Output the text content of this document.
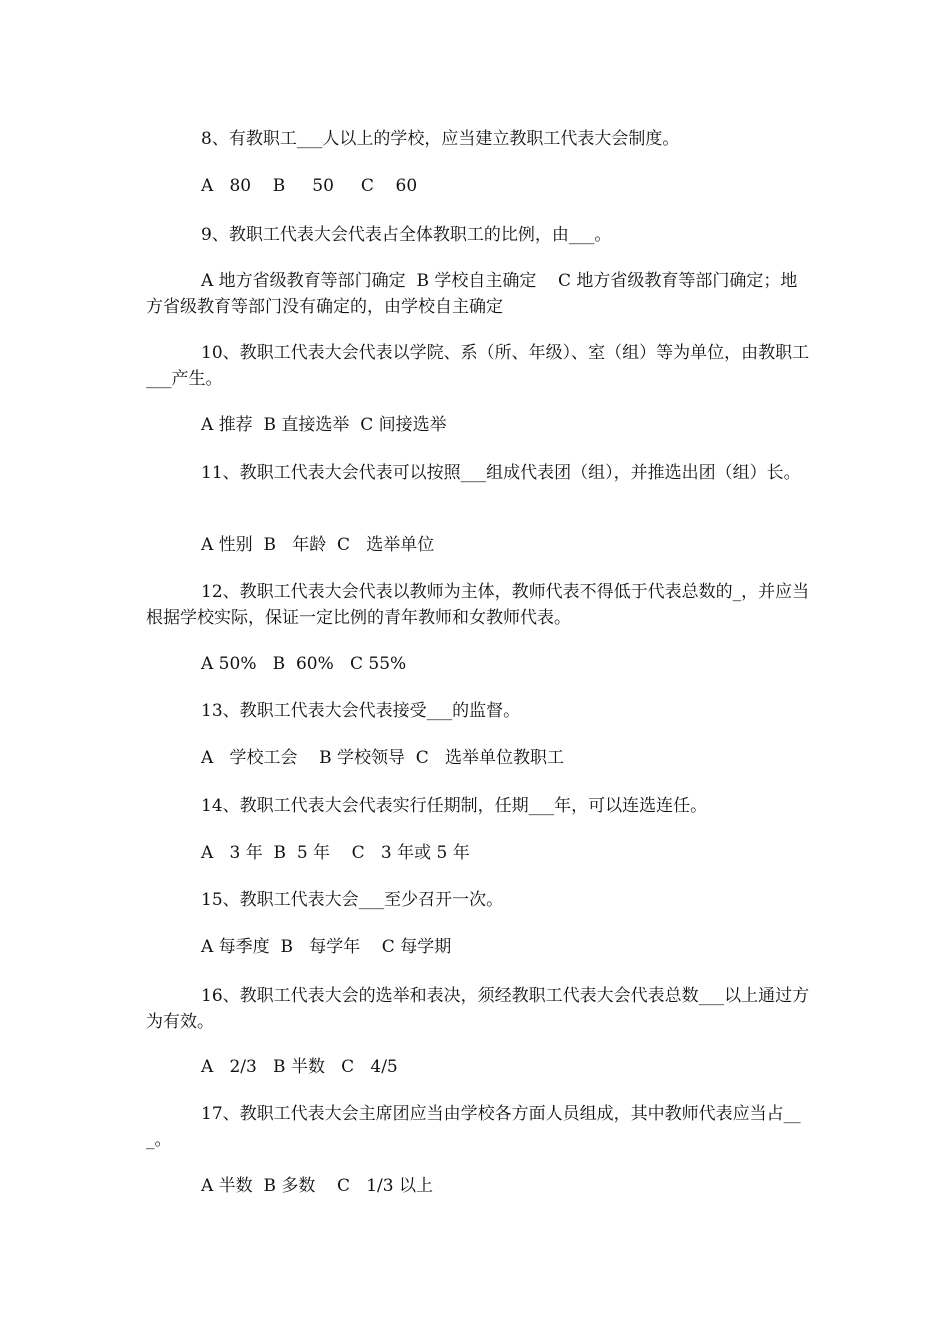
8、有教职工___人以上的学校，应当建立教职工代表大会制度。

A   80    B     50     C    60

9、教职工代表大会代表占全体教职工的比例，由___。

A 地方省级教育等部门确定  B 学校自主确定    C 地方省级教育等部门确定；地方省级教育等部门没有确定的，由学校自主确定

10、教职工代表大会代表以学院、系（所、年级）、室（组）等为单位，由教职工___产生。

A 推荐  B 直接选举  C 间接选举

11、教职工代表大会代表可以按照___组成代表团（组），并推选出团（组）长。

A 性别  B   年龄  C   选举单位

12、教职工代表大会代表以教师为主体，教师代表不得低于代表总数的_，并应当根据学校实际，保证一定比例的青年教师和女教师代表。

A 50%   B  60%   C 55%

13、教职工代表大会代表接受___的监督。

A   学校工会    B 学校领导  C   选举单位教职工

14、教职工代表大会代表实行任期制，任期___年，可以连选连任。

A   3 年  B  5 年    C   3 年或 5 年

15、教职工代表大会___至少召开一次。

A 每季度  B   每学年    C 每学期

16、教职工代表大会的选举和表决，须经教职工代表大会代表总数___以上通过方为有效。

A   2/3   B 半数   C   4/5

17、教职工代表大会主席团应当由学校各方面人员组成，其中教师代表应当占___。

A 半数  B 多数    C   1/3 以上
